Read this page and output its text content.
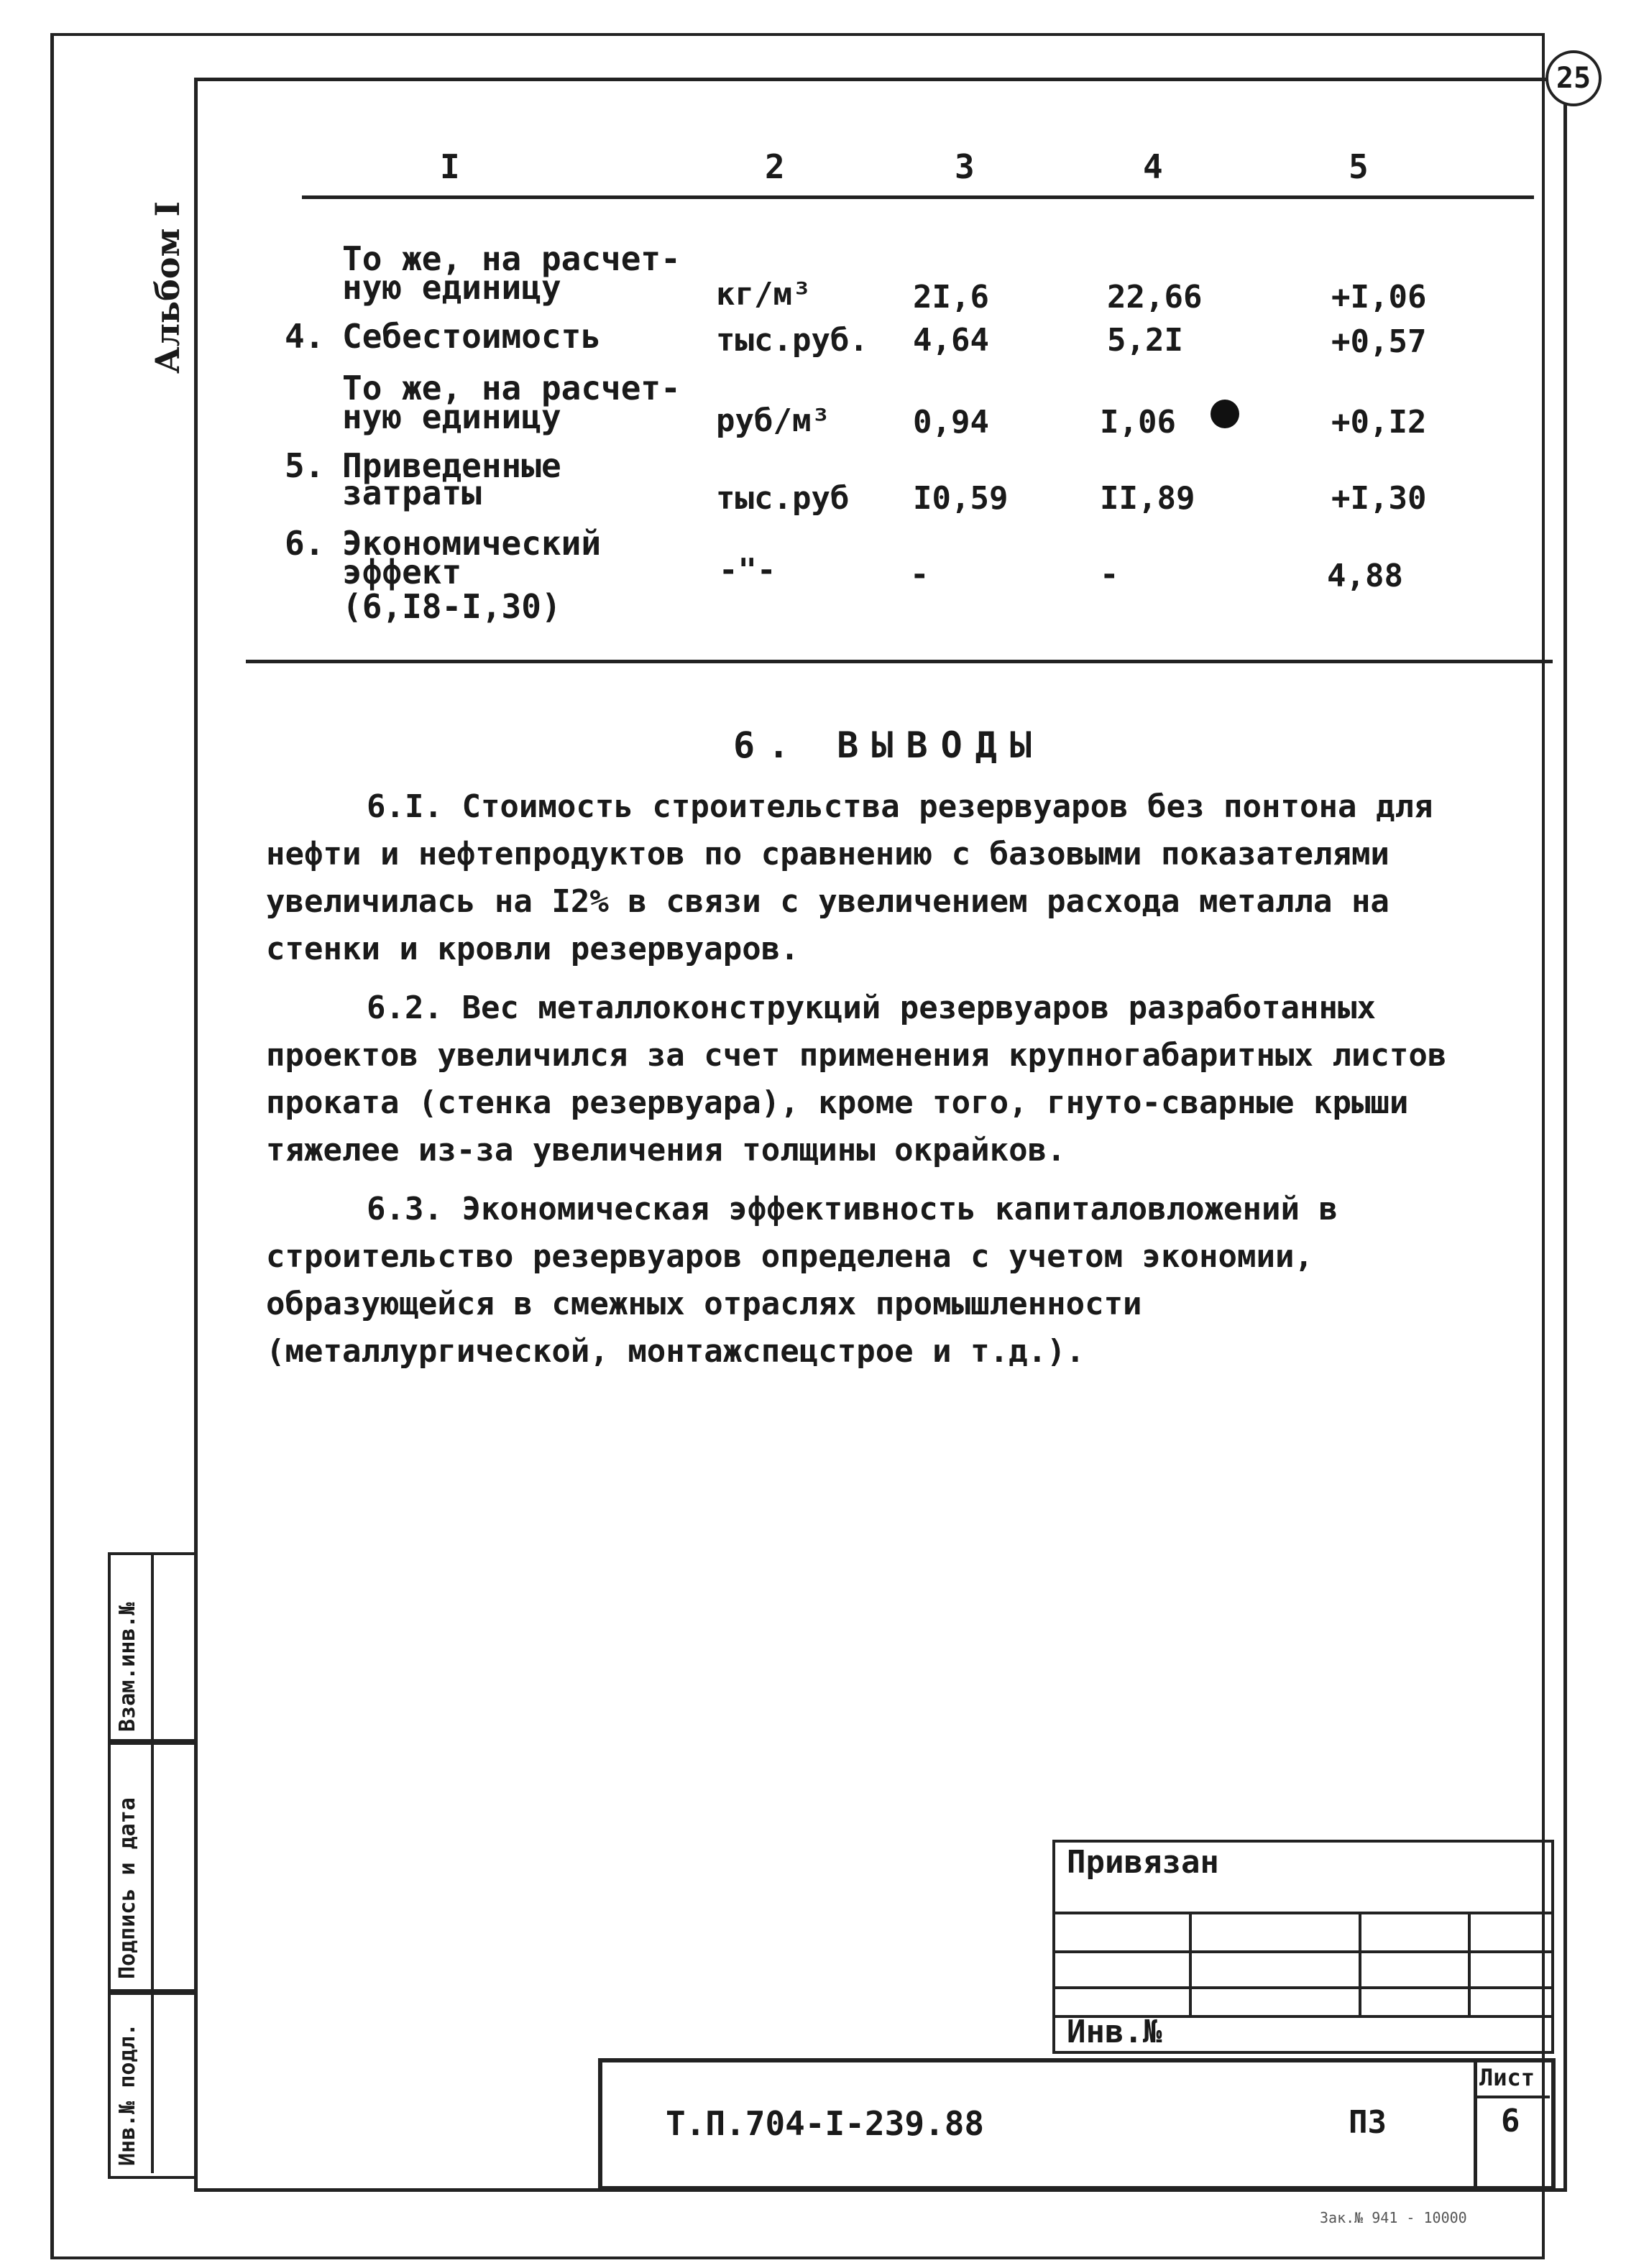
25
Альбом I
I	2	3	4	5
То же, на расчет-
ную единицу	кг/м³	2I,6	22,66	+I,06
4. Себестоимость	тыс.руб. 4,64	5,2I	+0,57
То же, на расчет-
ную единицу	руб/м³	0,94	I,06	+0,I2
5. Приведенные
затраты	тыс.руб I0,59	II,89	+I,30
6. Экономический
эффект
(6,I8-I,30)
-"-	-	-	4,88
6. ВЫВОДЫ
6.I. Стоимость строительства резервуаров без понтона для нефти и нефтепродуктов по сравнению с базовыми показателями увеличилась на I2% в связи с увеличением расхода металла на стенки и кровли резервуаров.
6.2. Вес металлоконструкций резервуаров разработанных проектов увеличился за счет применения крупногабаритных листов проката (стенка резервуара), кроме того, гнуто-сварные крыши тяжелее из-за увеличения толщины окрайков.
6.3. Экономическая эффективность капиталовложений в строительство резервуаров определена с учетом экономии, образующейся в смежных отраслях промышленности (металлургической, монтажспецстрое и т.д.).
Взам.инв.№
Подпись и дата
Инв.№ подл.
Привязан
Инв.№
Т.П.704-I-239.88	ПЗ
Лист
6
Зак.№ 941 - 10000
